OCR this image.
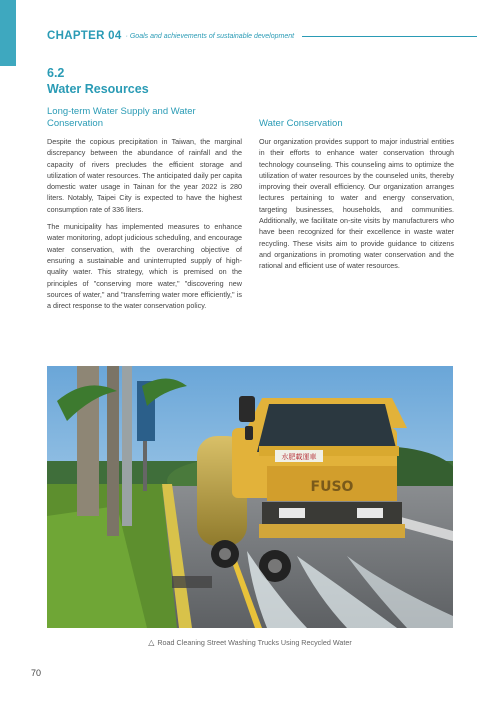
CHAPTER 04 · Goals and achievements of sustainable development
6.2
Water Resources
Long-term Water Supply and Water Conservation

Despite the copious precipitation in Taiwan, the marginal discrepancy between the abundance of rainfall and the capacity of rivers precludes the efficient storage and utilization of water resources. The anticipated daily per capita domestic water usage in Tainan for the year 2022 is 280 liters. Notably, Taipei City is expected to have the highest consumption rate of 336 liters.

The municipality has implemented measures to enhance water monitoring, adopt judicious scheduling, and encourage water conservation, with the overarching objective of ensuring a sustainable and uninterrupted supply of high-quality water. This strategy, which is premised on the principles of "conserving more water," "discovering new sources of water," and "transferring water more efficiently," is a direct response to the water conservation policy.

Water Conservation

Our organization provides support to major industrial entities in their efforts to enhance water conservation through technology counseling. This counseling aims to optimize the utilization of water resources by the counseled units, thereby improving their overall efficiency. Our organization arranges lectures pertaining to water and energy conservation, targeting businesses, households, and communities. Additionally, we facilitate on-site visits by manufacturers who have been recognized for their excellence in waste water recycling. These visits aim to provide guidance to citizens and organizations in promoting water conservation and the rational and efficient use of water resources.

水肥載運車
FUSO
△ Road Cleaning Street Washing Trucks Using Recycled Water
70
